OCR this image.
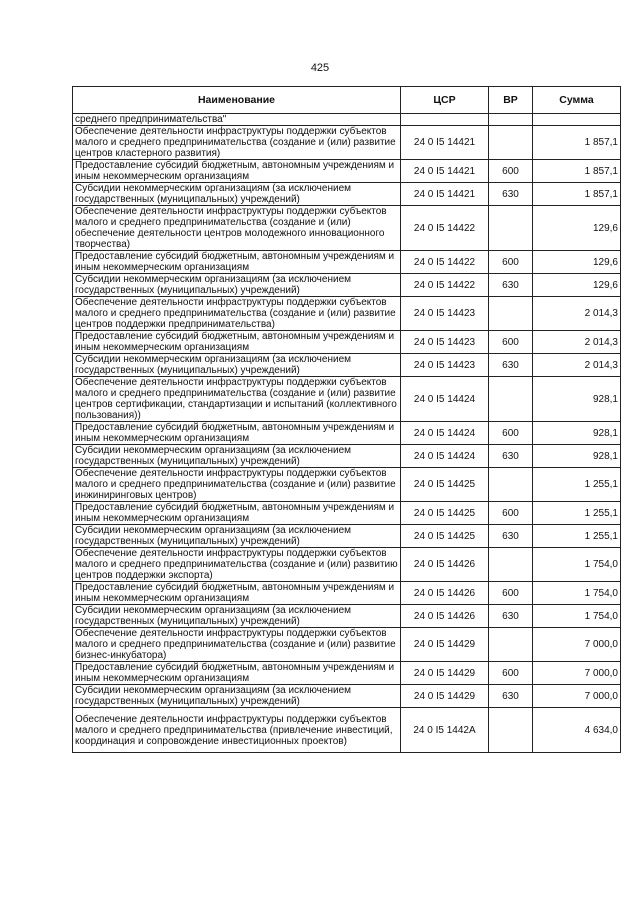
425
Наименование	ЦСР	ВР	Сумма
среднего предпринимательства"			
Обеспечение деятельности инфраструктуры поддержки субъектов малого и среднего предпринимательства (создание и (или) развитие центров кластерного развития)	24 0 I5 14421		1 857,1
Предоставление субсидий бюджетным, автономным учреждениям и иным некоммерческим организациям	24 0 I5 14421	600	1 857,1
Субсидии некоммерческим организациям (за исключением государственных (муниципальных) учреждений)	24 0 I5 14421	630	1 857,1
Обеспечение деятельности инфраструктуры поддержки субъектов малого и среднего предпринимательства (создание и (или) обеспечение деятельности центров молодежного инновационного творчества)	24 0 I5 14422		129,6
Предоставление субсидий бюджетным, автономным учреждениям и иным некоммерческим организациям	24 0 I5 14422	600	129,6
Субсидии некоммерческим организациям (за исключением государственных (муниципальных) учреждений)	24 0 I5 14422	630	129,6
Обеспечение деятельности инфраструктуры поддержки субъектов малого и среднего предпринимательства (создание и (или) развитие центров поддержки предпринимательства)	24 0 I5 14423		2 014,3
Предоставление субсидий бюджетным, автономным учреждениям и иным некоммерческим организациям	24 0 I5 14423	600	2 014,3
Субсидии некоммерческим организациям (за исключением государственных (муниципальных) учреждений)	24 0 I5 14423	630	2 014,3
Обеспечение деятельности инфраструктуры поддержки субъектов малого и среднего предпринимательства (создание и (или) развитие центров сертификации, стандартизации и испытаний (коллективного пользования))	24 0 I5 14424		928,1
Предоставление субсидий бюджетным, автономным учреждениям и иным некоммерческим организациям	24 0 I5 14424	600	928,1
Субсидии некоммерческим организациям (за исключением государственных (муниципальных) учреждений)	24 0 I5 14424	630	928,1
Обеспечение деятельности инфраструктуры поддержки субъектов малого и среднего предпринимательства (создание и (или) развитие инжиниринговых центров)	24 0 I5 14425		1 255,1
Предоставление субсидий бюджетным, автономным учреждениям и иным некоммерческим организациям	24 0 I5 14425	600	1 255,1
Субсидии некоммерческим организациям (за исключением государственных (муниципальных) учреждений)	24 0 I5 14425	630	1 255,1
Обеспечение деятельности инфраструктуры поддержки субъектов малого и среднего предпринимательства (создание и (или) развитию центров поддержки экспорта)	24 0 I5 14426		1 754,0
Предоставление субсидий бюджетным, автономным учреждениям и иным некоммерческим организациям	24 0 I5 14426	600	1 754,0
Субсидии некоммерческим организациям (за исключением государственных (муниципальных) учреждений)	24 0 I5 14426	630	1 754,0
Обеспечение деятельности инфраструктуры поддержки субъектов малого и среднего предпринимательства (создание и (или) развитие бизнес-инкубатора)	24 0 I5 14429		7 000,0
Предоставление субсидий бюджетным, автономным учреждениям и иным некоммерческим организациям	24 0 I5 14429	600	7 000,0
Субсидии некоммерческим организациям (за исключением государственных (муниципальных) учреждений)	24 0 I5 14429	630	7 000,0
Обеспечение деятельности инфраструктуры поддержки субъектов малого и среднего предпринимательства (привлечение инвестиций, координация и сопровождение инвестиционных проектов)	24 0 I5 1442А		4 634,0
